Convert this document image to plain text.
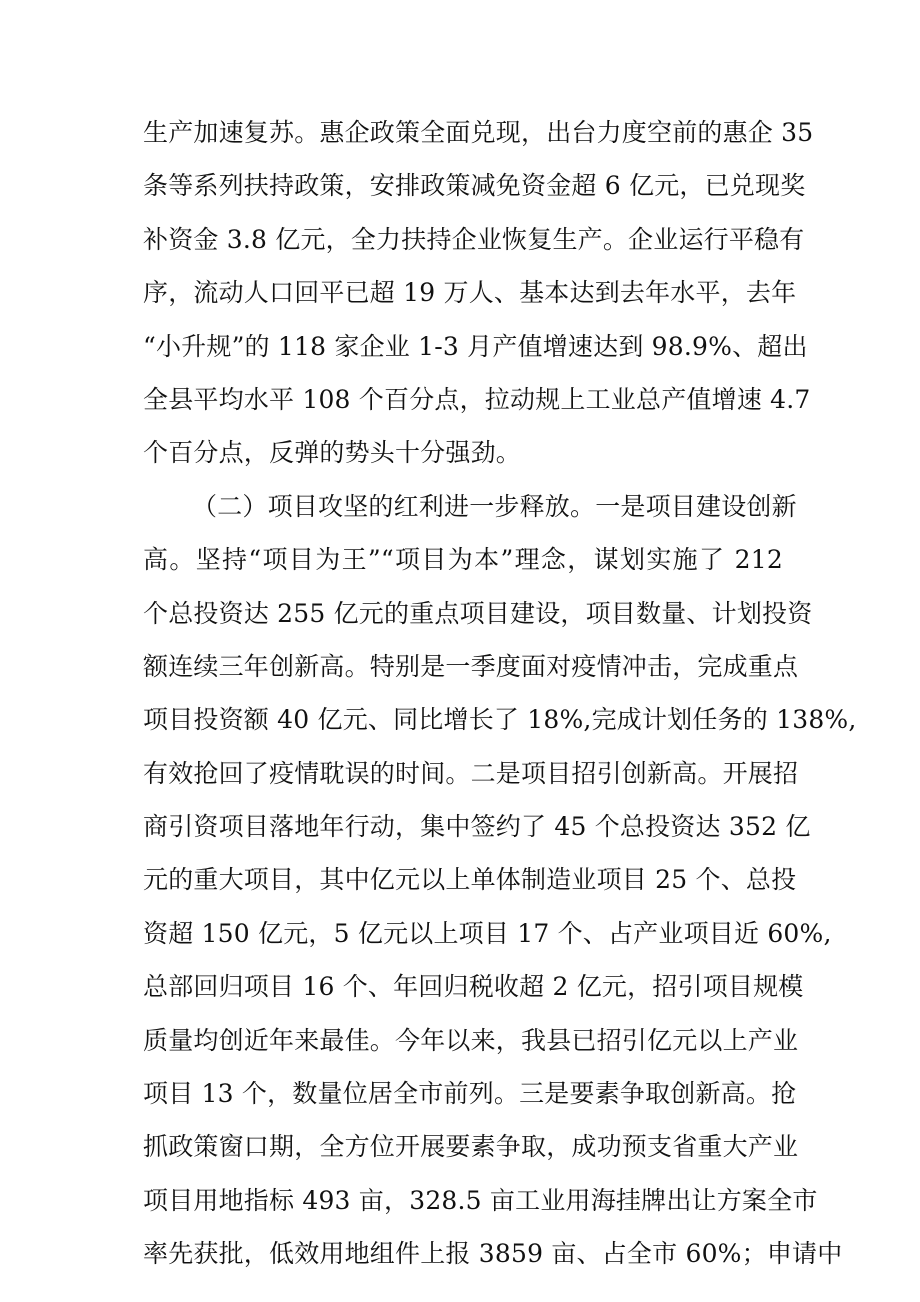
生产加速复苏。惠企政策全面兑现，出台力度空前的惠企 35
条等系列扶持政策，安排政策减免资金超 6 亿元，已兑现奖
补资金 3.8 亿元，全力扶持企业恢复生产。企业运行平稳有
序，流动人口回平已超 19 万人、基本达到去年水平，去年
“小升规”的 118 家企业 1-3 月产值增速达到 98.9%、超出
全县平均水平 108 个百分点，拉动规上工业总产值增速 4.7
个百分点，反弹的势头十分强劲。
（二）项目攻坚的红利进一步释放。一是项目建设创新
高。坚持“项目为王”“项目为本”理念，谋划实施了 212
个总投资达 255 亿元的重点项目建设，项目数量、计划投资
额连续三年创新高。特别是一季度面对疫情冲击，完成重点
项目投资额 40 亿元、同比增长了 18%,完成计划任务的 138%,
有效抢回了疫情耽误的时间。二是项目招引创新高。开展招
商引资项目落地年行动，集中签约了 45 个总投资达 352 亿
元的重大项目，其中亿元以上单体制造业项目 25 个、总投
资超 150 亿元，5 亿元以上项目 17 个、占产业项目近 60%,
总部回归项目 16 个、年回归税收超 2 亿元，招引项目规模
质量均创近年来最佳。今年以来，我县已招引亿元以上产业
项目 13 个，数量位居全市前列。三是要素争取创新高。抢
抓政策窗口期，全方位开展要素争取，成功预支省重大产业
项目用地指标 493 亩，328.5 亩工业用海挂牌出让方案全市
率先获批，低效用地组件上报 3859 亩、占全市 60%；申请中
